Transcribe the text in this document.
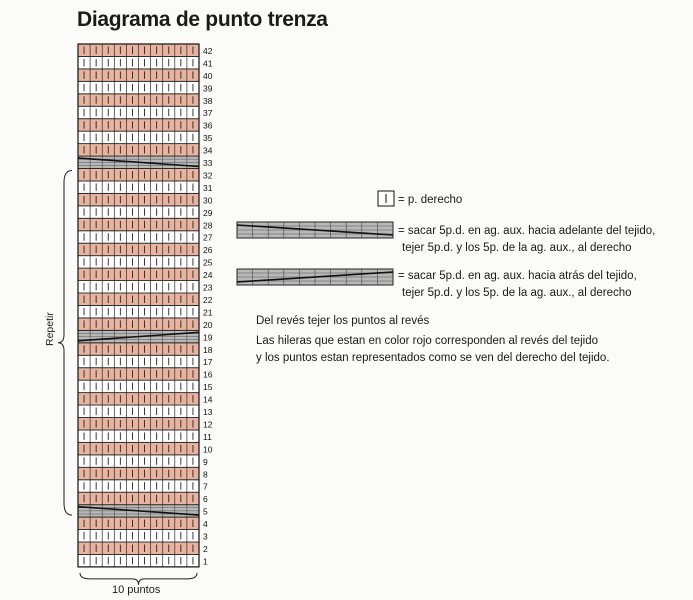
Diagrama de punto trenza
1
2
3
4
5
6
7
8
9
10
11
12
13
14
15
16
17
18
19
20
21
22
23
24
25
26
27
28
29
30
31
32
33
34
35
36
37
38
39
40
41
42
= p. derecho
= sacar 5p.d. en ag. aux. hacia adelante del tejido,
tejer 5p.d. y los 5p. de la ag. aux., al derecho
= sacar 5p.d. en ag. aux. hacia atrás del tejido,
tejer 5p.d. y los 5p. de la ag. aux., al derecho
Del revés tejer los puntos al revés
Las hileras que estan en color rojo corresponden al revés del tejido
y los puntos estan representados como se ven del derecho del tejido.
Repetir
10 puntos
